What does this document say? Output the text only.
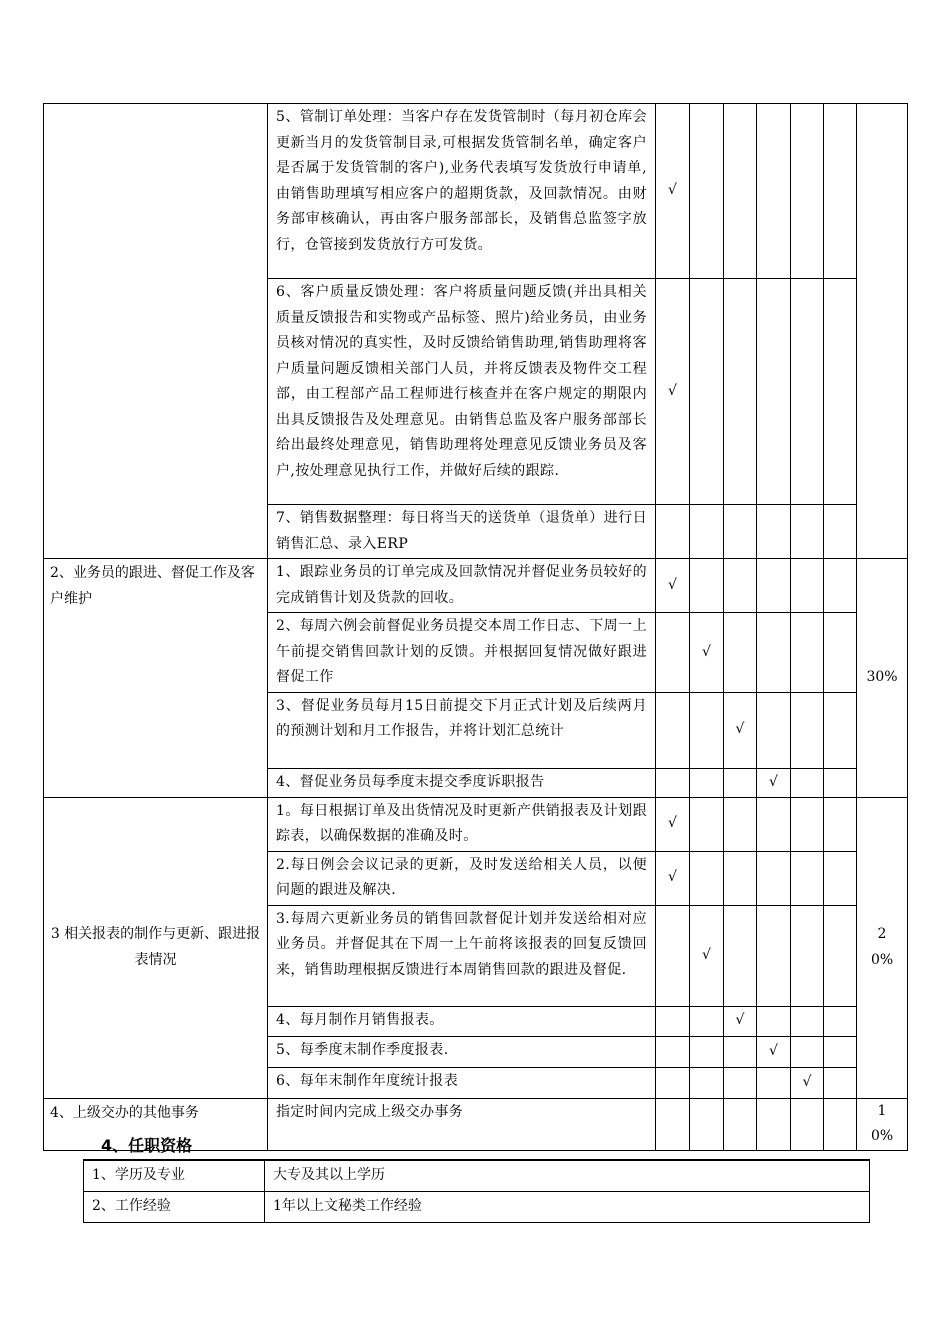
	5、管制订单处理：当客户存在发货管制时（每月初仓库会更新当月的发货管制目录,可根据发货管制名单，确定客户是否属于发货管制的客户),业务代表填写发货放行申请单,由销售助理填写相应客户的超期货款，及回款情况。由财务部审核确认，再由客户服务部部长，及销售总监签字放行，仓管接到发货放行方可发货。	√						
	6、客户质量反馈处理：客户将质量问题反馈(并出具相关质量反馈报告和实物或产品标签、照片)给业务员，由业务员核对情况的真实性，及时反馈给销售助理,销售助理将客户质量问题反馈相关部门人员，并将反馈表及物件交工程部，由工程部产品工程师进行核查并在客户规定的期限内出具反馈报告及处理意见。由销售总监及客户服务部部长给出最终处理意见，销售助理将处理意见反馈业务员及客户,按处理意见执行工作，并做好后续的跟踪.	√						
	7、销售数据整理：每日将当天的送货单（退货单）进行日销售汇总、录入ERP							
2、业务员的跟进、督促工作及客户维护	1、跟踪业务员的订单完成及回款情况并督促业务员较好的完成销售计划及货款的回收。	√						30%
	2、每周六例会前督促业务员提交本周工作日志、下周一上午前提交销售回款计划的反馈。并根据回复情况做好跟进督促工作		√					
	3、督促业务员每月15日前提交下月正式计划及后续两月的预测计划和月工作报告，并将计划汇总统计			√				
	4、督促业务员每季度末提交季度诉职报告				√			
3 相关报表的制作与更新、跟进报表情况	1。每日根据订单及出货情况及时更新产供销报表及计划跟踪表，以确保数据的准确及时。	√						20%
	2.每日例会会议记录的更新，及时发送给相关人员，以便问题的跟进及解决.	√						
	3.每周六更新业务员的销售回款督促计划并发送给相对应业务员。并督促其在下周一上午前将该报表的回复反馈回来，销售助理根据反馈进行本周销售回款的跟进及督促.		√					
	4、每月制作月销售报表。			√				
	5、每季度末制作季度报表.				√			
	6、每年末制作年度统计报表					√		
4、上级交办的其他事务	指定时间内完成上级交办事务							10%
4、任职资格
1、学历及专业	大专及其以上学历
2、工作经验	1年以上文秘类工作经验
